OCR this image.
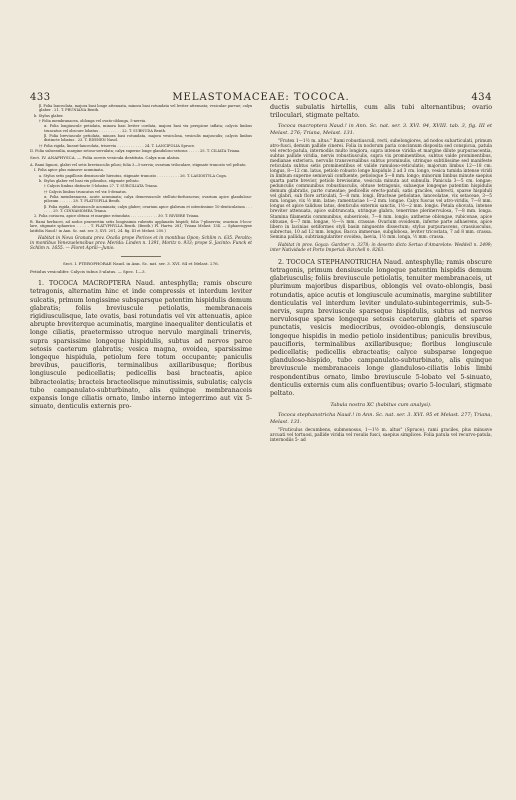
433	MELASTOMACEAE: TOCOCA.	434

β. Folia lanceolata, majora basi longe attenuata, minora basi rotundata vel leviter attenuata; vesiculae parvae; calyx glaber . 21. T. PRUNIANA Benth.

b. Stylus glaber.

† Folia membranacea, oblonga vel ovato-oblonga, 5-nervia.

α. Folia longiuscule petiolata, minora basi leviter cordata, majora basi vix perspicue inflata; calycis limbus truncatus vel obscure lobatus . . . . . . . . . . 22. T. SUBNUDA Benth.

β. Folia breviuscule petiolata, minora basi rotundata, majora vesiculosa, vesiculis majusculis; calycis limbus distincte lobatus . 23. T. EDENEN Naud.

†† Folia rigida, lineari-lanceolata, triservia . . . . . . . . . . . . 24. T. LANCIFOLIA Spruce.

II. Folia subsessilia, margine setoso-serrulata; calyx superne longe glanduloso-setosus . . . . . 25. T. CILIATA Triana.

Sect. IV. ANAPHYSCA. — Folia ocreis vesicula destituta. Calyx non alatus.

A. Rami lignosi, glabri vel setis breviusculis pilosi; folia 3—5-nervia; ovarium trilocalare, stigmate truncato vel peltato.

I. Folia apice plus minusve acuminata.

a. Stylus setis papillosis densiuscule hirsutus, stigmate truncato . . . . . . . . . . 26. T. LASIOSTYLA Cogn.

b. Stylus glaber vel basi vix pilosulus, stigmate peltato.

† Calycis limbus distincte 5-lobatus 27. T. SUBCILIATA Triana.

†† Calycis limbus truncatus vel vix 5-denatus.

α. Folia membranacea, acute acuminata; calyx demersuscule stelluto-furfuraceus; ovarium apice glanduloso-pilosum . . . . . . 28. T. PLATYSPILA Benth.

β. Folia rigida, obtusiuscule acuminata; calyx glaber; ovarium apice glabrum et nitentissime 10-denticulatum . . . . . . . 29. T. CINNAMOMEA Triana.

2. Folia coriacea, apice obtusa et margine rotundata . . . . . . . . . . . . 30. T. RIVIERE Triana.

B. Rami herbacei, ad nodos praesertim setis longissimis rubentis applanatis hispidi; folia 7-plinervia; ovarium 5-locu-lare, stigmate sphaerico . . . . . T. PLATYPHYLLA Benth. (Benth.) Pl. Hartw. 281; Triana Melast. 134. — Sphaerogyne latifolia Naud.! in Ann. Sc. nat. ser. 3, XVI. 201, 24. fig. III et Melast. 250.)

Habitat in Nova Granata prov. Ocaña prope Porices et in montibus Opon; Schlim n. 635. Peralto; in montibus Venezuelensibus prov. Merida: Linden n. 1391, Moritz n. 933; prope S. Jacinto: Funck et Schlim n. 1655. — Floret Aprili—Junio.

Sect. I. PTEROPHORAE Naud. in Ann. Sc. nat. ser. 3. XVI. 84 et Melast. 276.

Petiolus vesiculifer. Calycis tubus 5-alatus. — Spec. 1—3.

1. TOCOCA MACROPTERA Naud. antesphylla; ramis obscure tetragonis, alternatim hinc et inde compressis et interdum leviter sulcatis, primum longissime subsparsque patentim hispidulis demum glabratis; foliis breviuscule petiolatis, membranaceis rigidiusculisque, late ovatis, basi rotundatis vel vix attenuatis, apice abrupte breviterque acuminatis, margine inaequaliter denticulatis et longe ciliatis, praetermisso utroque nervulo marginali trinervis, supra sparsissime longeque hispidulis, subtus ad nervos parce setosis caeterum glabratis; vesica magna, ovoidea, sparsissime longeque hispidula, petiolum fere totum occupante; paniculis brevibus, paucifloris, terminalibus axillaribusque; floribus longiuscule pedicellatis; pedicellis basi bracteatis, apice bibracteolatis; bracteis bracteolisque minutissimis, subulatis; calycis tubo campanulato-subturbinato, alis quinque membranaceis expansis longe ciliatis ornato, limbo interno integerrimo aut vix 5-sinuato, denticulis externis pro-

ductis subulatis hirtellis, cum alis tubi alternantibus; ovario triloculari, stigmate peltato.

Tococa macroptera Naud.! in Ann. Sc. nat. ser. 3. XVI. 94, XVIII. tab. 3, fig. III et Melast. 276; Triana, Melast. 131.

"Frutex 1—1½ m. altus." Rami robustiusculi, recti, subelongiores, ad nodos subarticulati, primum atro-fusci, demum pallide cinerei. Folia in nodorum paria concinnum disposita sed conspicua, patula vel erecto-patula, internodiis multo longiora, supra intense viridia et margine dilute purpurascentia, subtus pallide viridia, nervis robustiusculis, supra vix prominentibus, subtus valde prominentibus, medianae exteriora, nervulis transversalibus subtus prominulis, utrinque subtilissime sed manifeste reticulata subtus setis prominentibus et valide ramuloso-reticulatis; majorum limbus 12—18 cm. longus, 8—12 cm. latus, petiolo robusto longe hispidulo 2 ad 3 cm. longo, vesica tumida intense viridi in limbum superne semiovali confluente, petioloque 5—8 mm. longo; minorum limbus minute saepius quarta parte brevior, petiolo brevissimo, vesicula minuta aut subnulla. Panicula 3—5 cm. longae; pedunculis communibus robustiusculis, obtuse tetragonis, subaeque longeque patentim hispidulis demum glabratis, parte cuneatae; pedicellis erecto-patuli, satis graciles, subrecti, sparse hispiduli vel glabri, sub flore articulati, 5—8 mm. longi. Bracteae petiolatae, lanceolatae, vix setaceae, 3—5 mm. longae, vix ½ mm. latae; ramentaciae 1—2 mm. longae. Calyx fuscus vel atro-viridis, 7—8 mm. longus et apice taliduss latus, denticulis externis sanctis, 1½—2 mm. longis. Petala obovata, intense breviter attenuata, apice subtruncata, utrinque glabra, tenerrime plerinervulosa, 7—8 mm. longa. Stamina filamentis communibus, subsericeis, 7—8 mm. longis; antherae oblongae, rubiconae, apice obtusae, 6—7 mm. longae, ½—⅔ mm. crassae. Ovarium ovoideum, inferne parte adhaerens, apice libero in lacinias setiformes styli basin ninguente dissectum; stylus purpurascens, crassiusculus, subrectus, 10 ad 12 mm. longus. Bacca immersae, subglobosa, leviter tricostata, 7 ad 8 mm. crassa. Semina pallida, subtriangulariter ovoidea, laevia, 1½ mm. longa, ½ mm. crassa.

Habitat in prov. Goyaz: Gardner n. 3378; in deserto dicto Sertao d'Amarelote: Weddell n. 2499; inter Natividade et Porto Imperial: Burchell n. 8263.

2. TOCOCA STEPHANOTRICHA Naud. antesphylla; ramis obscure tetragonis, primum densiuscule longeque patentim hispidis demum glabriusculis; foliis breviuscule petiolatis, tenuiter membranaceis, ut plurimum majoribus disparibus, oblongis vel ovato-oblongis, basi rotundatis, apice acutis et longiuscule acuminatis, margine subtiliter denticulatis vel interdum leviter undulato-subintegerrimis, sub-5-nervis, supra breviuscule sparseque hispidulis, subtus ad nervos nervulosque sparse longeque setosis caeterum glabris et sparse punctatis, vesicis mediocribus, ovoideo-oblongis, densiuscule longeque hispidis in medio petiolo insidentibus; paniculis brevibus, paucifloris, terminalibus axillaribusque; floribus longiuscule pedicellatis; pedicellis ebracteatis; calyce subsparse longeque glanduloso-hispido, tubo campanulato-subturbinato, alis quinque breviuscule membranaceis longe glanduloso-ciliatis lobis limbi respondentibus ornato, limbo breviuscule 5-lobato vel 5-sinuato, denticulis externis cum alis confluentibus; ovario 5-loculari, stigmate peltato.

Tabula nostra XC (habitus cum analysi).

Tococa stephanotricha Naud.! in Ann. Sc. nat. ser. 3. XVI. 95 et Melast. 277; Triana, Melast. 131.

"Fruticulus decumbens, submonosus, 1—1½ m. altus" (Spruce). rami graciles, plus minusve arcuati vel tortuosi, pallide viridia vel rosulis fusci, saepius simplices. Folia patula vel recurvo-patula, internodiis 5- ad
